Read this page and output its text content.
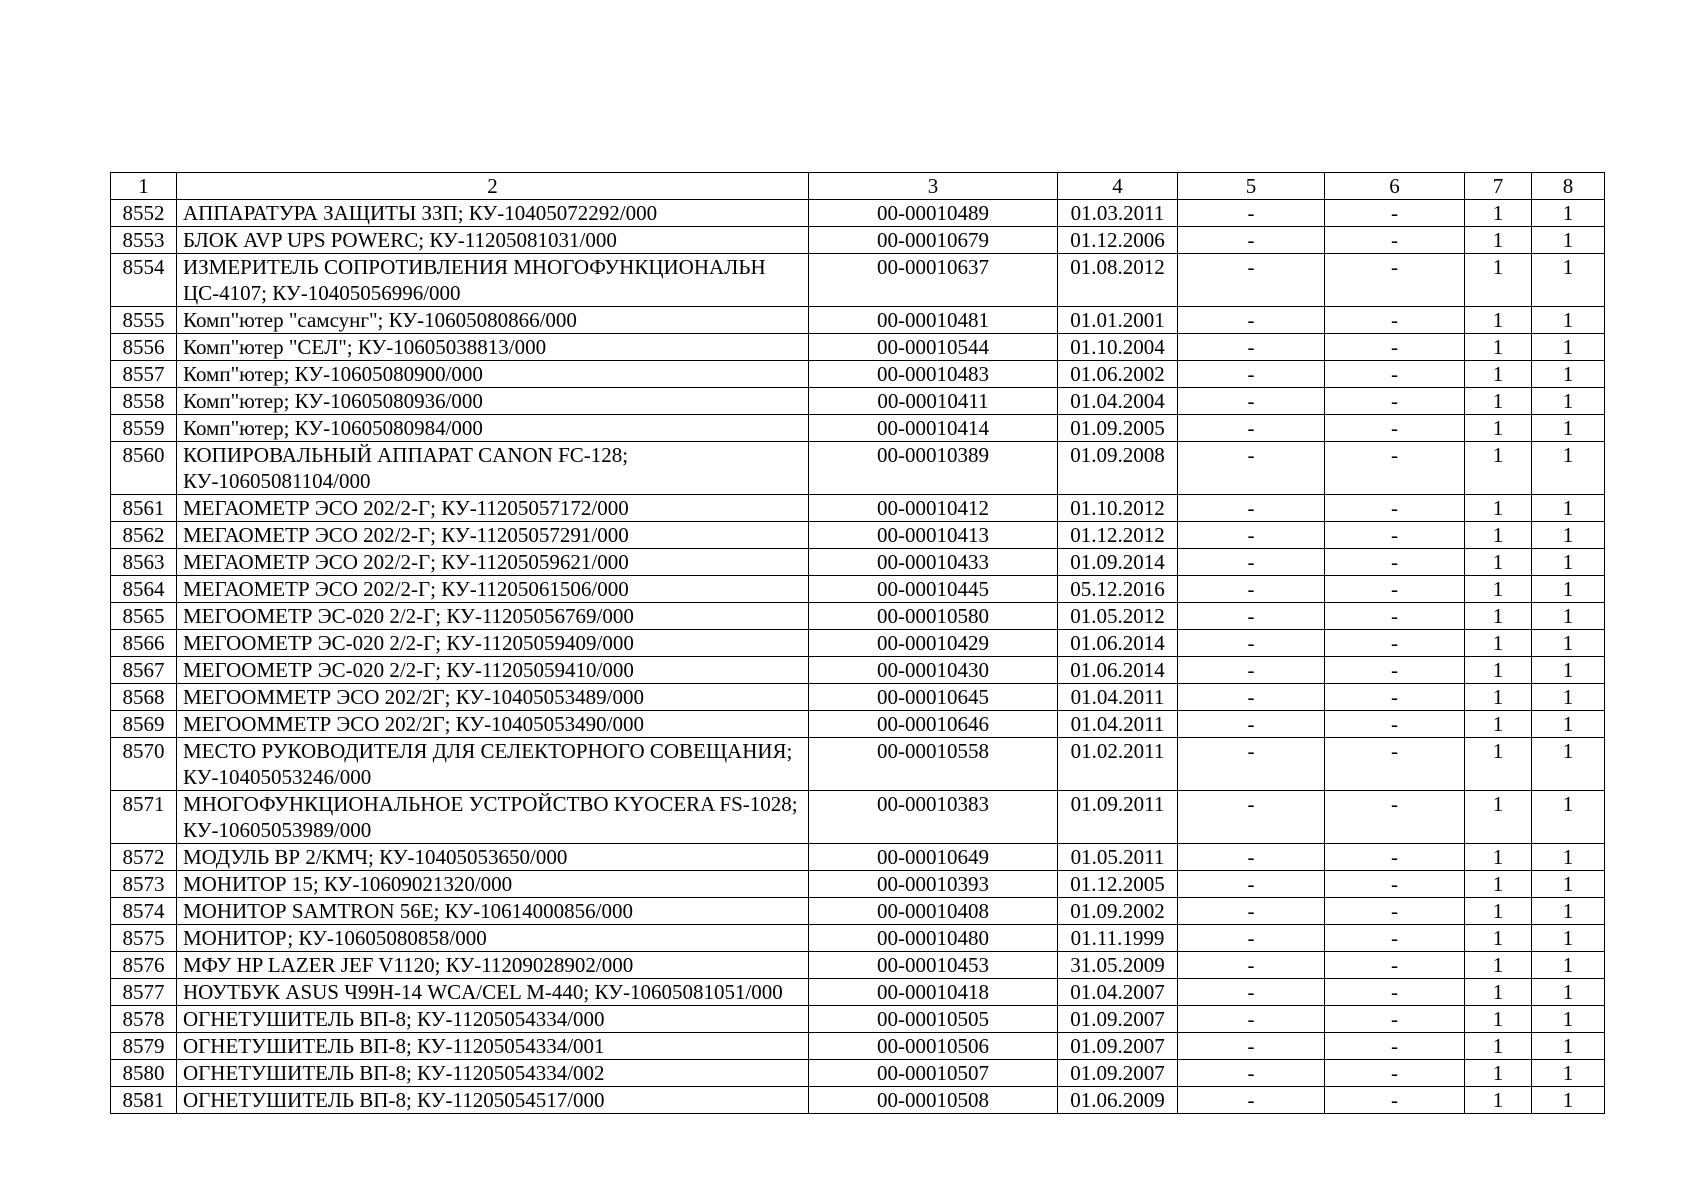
1	2	3	4	5	6	7	8
8552	АППАРАТУРА ЗАЩИТЫ ЗЗП; КУ-10405072292/000	00-00010489	01.03.2011	-	-	1	1
8553	БЛОК AVP UPS POWERC; КУ-11205081031/000	00-00010679	01.12.2006	-	-	1	1
8554	ИЗМЕРИТЕЛЬ СОПРОТИВЛЕНИЯ МНОГОФУНКЦИОНАЛЬН ЦС-4107; КУ-10405056996/000	00-00010637	01.08.2012	-	-	1	1
8555	Комп"ютер "самсунг"; КУ-10605080866/000	00-00010481	01.01.2001	-	-	1	1
8556	Комп"ютер "СЕЛ"; КУ-10605038813/000	00-00010544	01.10.2004	-	-	1	1
8557	Комп"ютер; КУ-10605080900/000	00-00010483	01.06.2002	-	-	1	1
8558	Комп"ютер; КУ-10605080936/000	00-00010411	01.04.2004	-	-	1	1
8559	Комп"ютер; КУ-10605080984/000	00-00010414	01.09.2005	-	-	1	1
8560	КОПИРОВАЛЬНЫЙ АППАРАТ CANON FC-128; КУ-10605081104/000	00-00010389	01.09.2008	-	-	1	1
8561	МЕГАОМЕТР ЭСО 202/2-Г; КУ-11205057172/000	00-00010412	01.10.2012	-	-	1	1
8562	МЕГАОМЕТР ЭСО 202/2-Г; КУ-11205057291/000	00-00010413	01.12.2012	-	-	1	1
8563	МЕГАОМЕТР ЭСО 202/2-Г; КУ-11205059621/000	00-00010433	01.09.2014	-	-	1	1
8564	МЕГАОМЕТР ЭСО 202/2-Г; КУ-11205061506/000	00-00010445	05.12.2016	-	-	1	1
8565	МЕГООМЕТР ЭС-020 2/2-Г; КУ-11205056769/000	00-00010580	01.05.2012	-	-	1	1
8566	МЕГООМЕТР ЭС-020 2/2-Г; КУ-11205059409/000	00-00010429	01.06.2014	-	-	1	1
8567	МЕГООМЕТР ЭС-020 2/2-Г; КУ-11205059410/000	00-00010430	01.06.2014	-	-	1	1
8568	МЕГООММЕТР ЭСО 202/2Г; КУ-10405053489/000	00-00010645	01.04.2011	-	-	1	1
8569	МЕГООММЕТР ЭСО 202/2Г; КУ-10405053490/000	00-00010646	01.04.2011	-	-	1	1
8570	МЕСТО РУКОВОДИТЕЛЯ ДЛЯ СЕЛЕКТОРНОГО СОВЕЩАНИЯ; КУ-10405053246/000	00-00010558	01.02.2011	-	-	1	1
8571	МНОГОФУНКЦИОНАЛЬНОЕ УСТРОЙСТВО KYOCERA FS-1028; КУ-10605053989/000	00-00010383	01.09.2011	-	-	1	1
8572	МОДУЛЬ ВР 2/КМЧ; КУ-10405053650/000	00-00010649	01.05.2011	-	-	1	1
8573	МОНИТОР 15; КУ-10609021320/000	00-00010393	01.12.2005	-	-	1	1
8574	МОНИТОР SAMTRON 56E; КУ-10614000856/000	00-00010408	01.09.2002	-	-	1	1
8575	МОНИТОР; КУ-10605080858/000	00-00010480	01.11.1999	-	-	1	1
8576	МФУ HP LAZER JEF V1120; КУ-11209028902/000	00-00010453	31.05.2009	-	-	1	1
8577	НОУТБУК ASUS Ч99Н-14 WCA/CEL M-440; КУ-10605081051/000	00-00010418	01.04.2007	-	-	1	1
8578	ОГНЕТУШИТЕЛЬ ВП-8; КУ-11205054334/000	00-00010505	01.09.2007	-	-	1	1
8579	ОГНЕТУШИТЕЛЬ ВП-8; КУ-11205054334/001	00-00010506	01.09.2007	-	-	1	1
8580	ОГНЕТУШИТЕЛЬ ВП-8; КУ-11205054334/002	00-00010507	01.09.2007	-	-	1	1
8581	ОГНЕТУШИТЕЛЬ ВП-8; КУ-11205054517/000	00-00010508	01.06.2009	-	-	1	1
